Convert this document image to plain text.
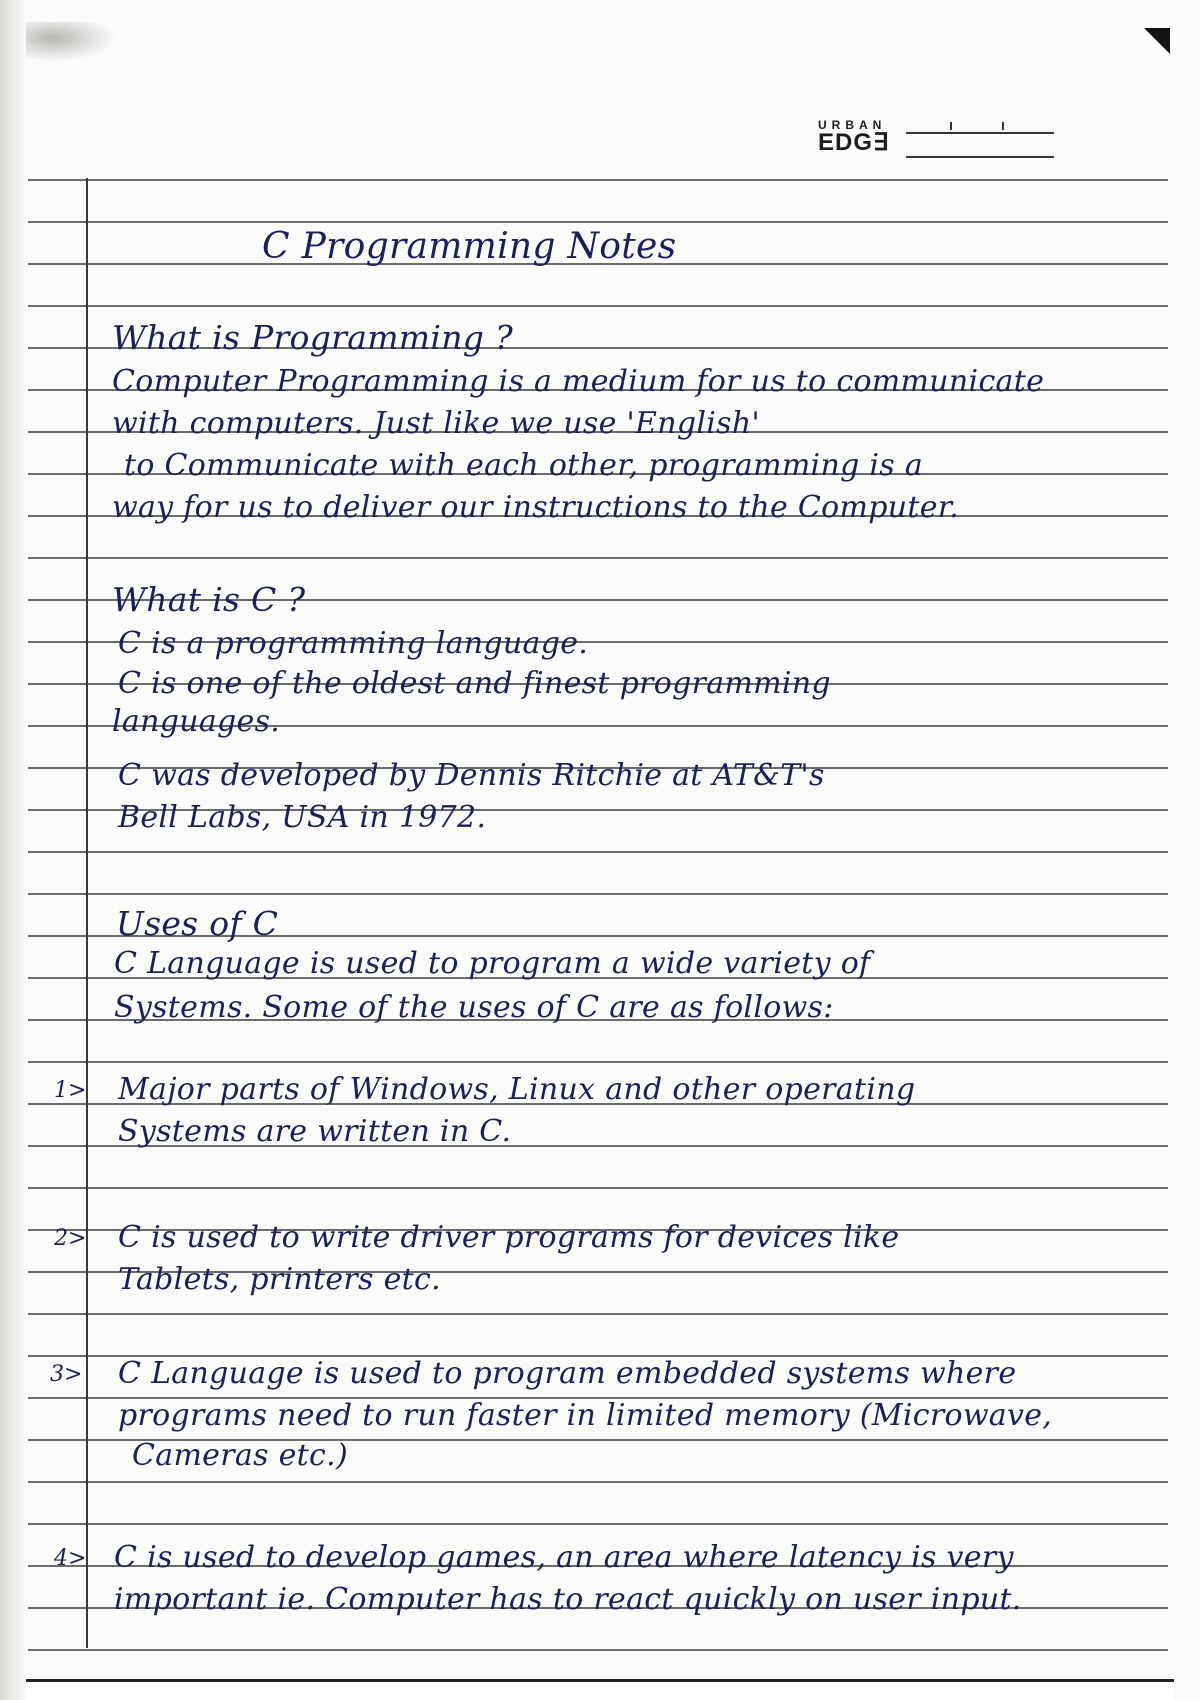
URBAN
EDG∃
C Programming Notes
What is Programming ?
Computer Programming is a medium for us to communicate
with computers. Just like we use 'English'
to Communicate with each other, programming is a
way for us to deliver our instructions to the Computer.
What is C ?
C is a programming language.
C is one of the oldest and finest programming
languages.
C was developed by Dennis Ritchie at AT&T's
Bell Labs, USA in 1972.
Uses of C
C Language is used to program a wide variety of
Systems. Some of the uses of C are as follows:
1> Major parts of Windows, Linux and other operating
Systems are written in C.
2> C is used to write driver programs for devices like
Tablets, printers etc.
3> C Language is used to program embedded systems where
programs need to run faster in limited memory (Microwave,
Cameras etc.)
4> C is used to develop games, an area where latency is very
important ie. Computer has to react quickly on user input.
